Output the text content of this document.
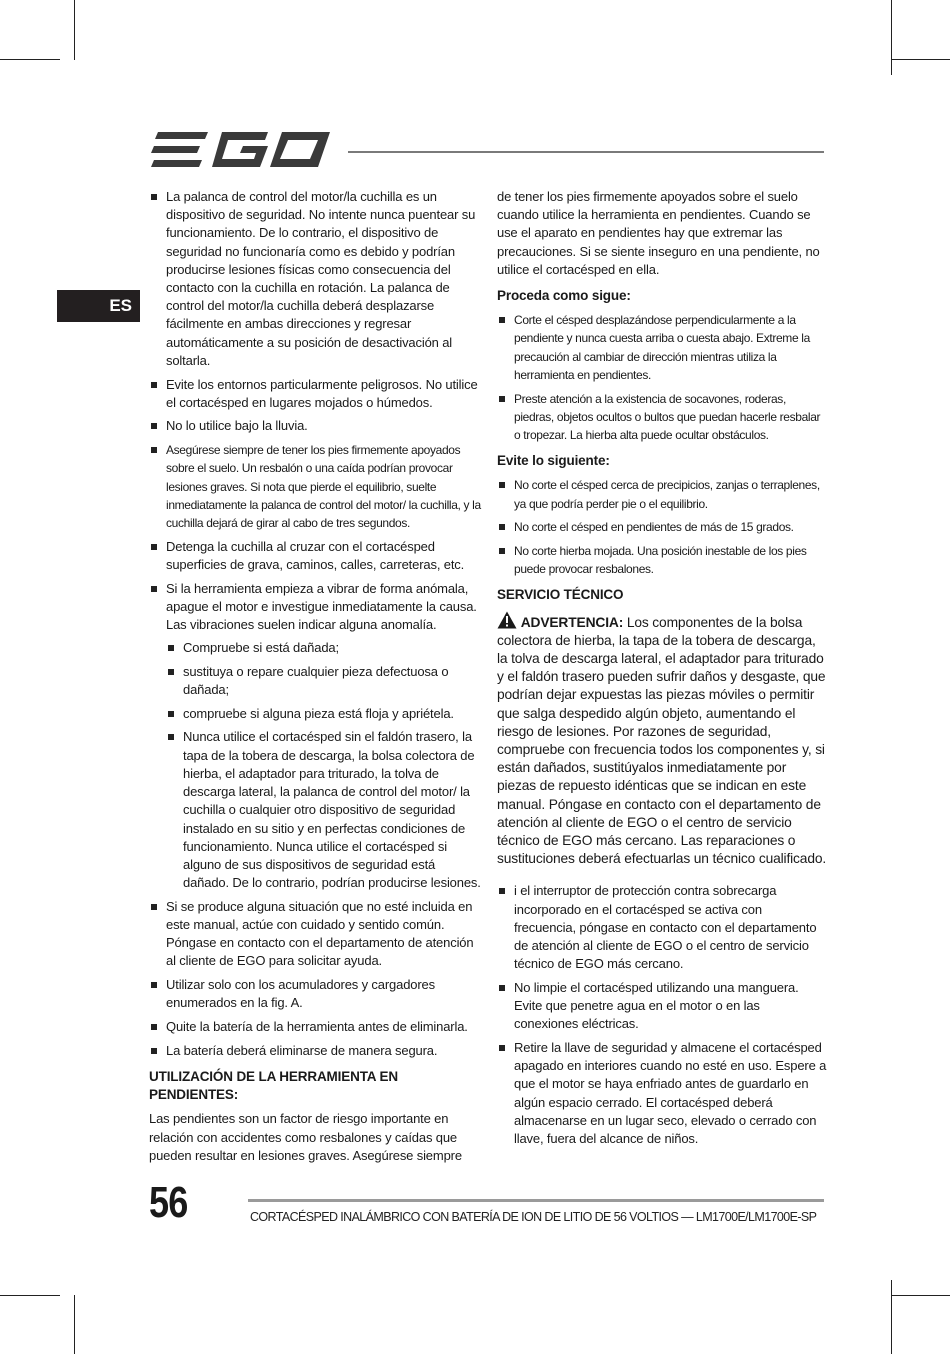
ES
La palanca de control del motor/la cuchilla es un dispositivo de seguridad. No intente nunca puentear su funcionamiento. De lo contrario, el dispositivo de seguridad no funcionaría como es debido y podrían producirse lesiones físicas como consecuencia del contacto con la cuchilla en rotación. La palanca de control del motor/la cuchilla deberá desplazarse fácilmente en ambas direcciones y regresar automáticamente a su posición de desactivación al soltarla.
Evite los entornos particularmente peligrosos. No utilice el cortacésped en lugares mojados o húmedos.
No lo utilice bajo la lluvia.
Asegúrese siempre de tener los pies firmemente apoyados sobre el suelo. Un resbalón o una caída podrían provocar lesiones graves. Si nota que pierde el equilibrio, suelte inmediatamente la palanca de control del motor/ la cuchilla, y la cuchilla dejará de girar al cabo de tres segundos.
Detenga la cuchilla al cruzar con el cortacésped superficies de grava, caminos, calles, carreteras, etc.
Si la herramienta empieza a vibrar de forma anómala, apague el motor e investigue inmediatamente la causa. Las vibraciones suelen indicar alguna anomalía.
Compruebe si está dañada;
sustituya o repare cualquier pieza defectuosa o dañada;
compruebe si alguna pieza está floja y apriétela.
Nunca utilice el cortacésped sin el faldón trasero, la tapa de la tobera de descarga, la bolsa colectora de hierba, el adaptador para triturado, la tolva de descarga lateral, la palanca de control del motor/ la cuchilla o cualquier otro dispositivo de seguridad instalado en su sitio y en perfectas condiciones de funcionamiento. Nunca utilice el cortacésped si alguno de sus dispositivos de seguridad está dañado. De lo contrario, podrían producirse lesiones.
Si se produce alguna situación que no esté incluida en este manual, actúe con cuidado y sentido común. Póngase en contacto con el departamento de atención al cliente de EGO para solicitar ayuda.
Utilizar solo con los acumuladores y cargadores enumerados en la fig. A.
Quite la batería de la herramienta antes de eliminarla.
La batería deberá eliminarse de manera segura.
UTILIZACIÓN DE LA HERRAMIENTA EN PENDIENTES:

Las pendientes son un factor de riesgo importante en relación con accidentes como resbalones y caídas que pueden resultar en lesiones graves. Asegúrese siempre

de tener los pies firmemente apoyados sobre el suelo cuando utilice la herramienta en pendientes. Cuando se use el aparato en pendientes hay que extremar las precauciones. Si se siente inseguro en una pendiente, no utilice el cortacésped en ella.

Proceda como sigue:
Corte el césped desplazándose perpendicularmente a la pendiente y nunca cuesta arriba o cuesta abajo. Extreme la precaución al cambiar de dirección mientras utiliza la herramienta en pendientes.
Preste atención a la existencia de socavones, roderas, piedras, objetos ocultos o bultos que puedan hacerle resbalar o tropezar. La hierba alta puede ocultar obstáculos.
Evite lo siguiente:
No corte el césped cerca de precipicios, zanjas o terraplenes, ya que podría perder pie o el equilibrio.
No corte el césped en pendientes de más de 15 grados.
No corte hierba mojada. Una posición inestable de los pies puede provocar resbalones.
SERVICIO TÉCNICO

ADVERTENCIA: Los componentes de la bolsa colectora de hierba, la tapa de la tobera de descarga, la tolva de descarga lateral, el adaptador para triturado y el faldón trasero pueden sufrir daños y desgaste, que podrían dejar expuestas las piezas móviles o permitir que salga despedido algún objeto, aumentando el riesgo de lesiones. Por razones de seguridad, compruebe con frecuencia todos los componentes y, si están dañados, sustitúyalos inmediatamente por piezas de repuesto idénticas que se indican en este manual. Póngase en contacto con el departamento de atención al cliente de EGO o el centro de servicio técnico de EGO más cercano. Las reparaciones o sustituciones deberá efectuarlas un técnico cualificado.

i el interruptor de protección contra sobrecarga incorporado en el cortacésped se activa con frecuencia, póngase en contacto con el departamento de atención al cliente de EGO o el centro de servicio técnico de EGO más cercano.
No limpie el cortacésped utilizando una manguera. Evite que penetre agua en el motor o en las conexiones eléctricas.
Retire la llave de seguridad y almacene el cortacésped apagado en interiores cuando no esté en uso. Espere a que el motor se haya enfriado antes de guardarlo en algún espacio cerrado. El cortacésped deberá almacenarse en un lugar seco, elevado o cerrado con llave, fuera del alcance de niños.
56	CORTACÉSPED INALÁMBRICO CON BATERÍA DE ION DE LITIO DE 56 VOLTIOS — LM1700E/LM1700E-SP
